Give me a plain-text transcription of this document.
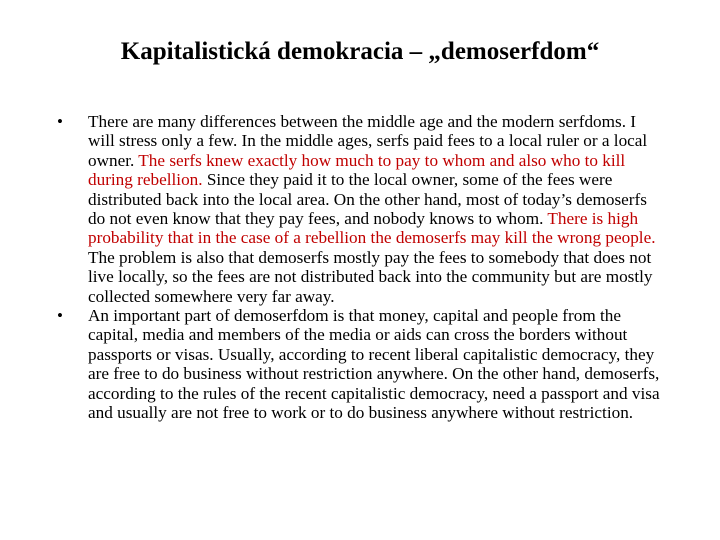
Kapitalistická demokracia – „demoserfdom“
• There are many differences between the middle age and the modern serfdoms. I will stress only a few. In the middle ages, serfs paid fees to a local ruler or a local owner. The serfs knew exactly how much to pay to whom and also who to kill during rebellion. Since they paid it to the local owner, some of the fees were distributed back into the local area. On the other hand, most of today’s demoserfs do not even know that they pay fees, and nobody knows to whom. There is high probability that in the case of a rebellion the demoserfs may kill the wrong people. The problem is also that demoserfs mostly pay the fees to somebody that does not live locally, so the fees are not distributed back into the community but are mostly collected somewhere very far away.
• An important part of demoserfdom is that money, capital and people from the capital, media and members of the media or aids can cross the borders without passports or visas. Usually, according to recent liberal capitalistic democracy, they are free to do business without restriction anywhere. On the other hand, demoserfs, according to the rules of the recent capitalistic democracy, need a passport and visa and usually are not free to work or to do business anywhere without restriction.
